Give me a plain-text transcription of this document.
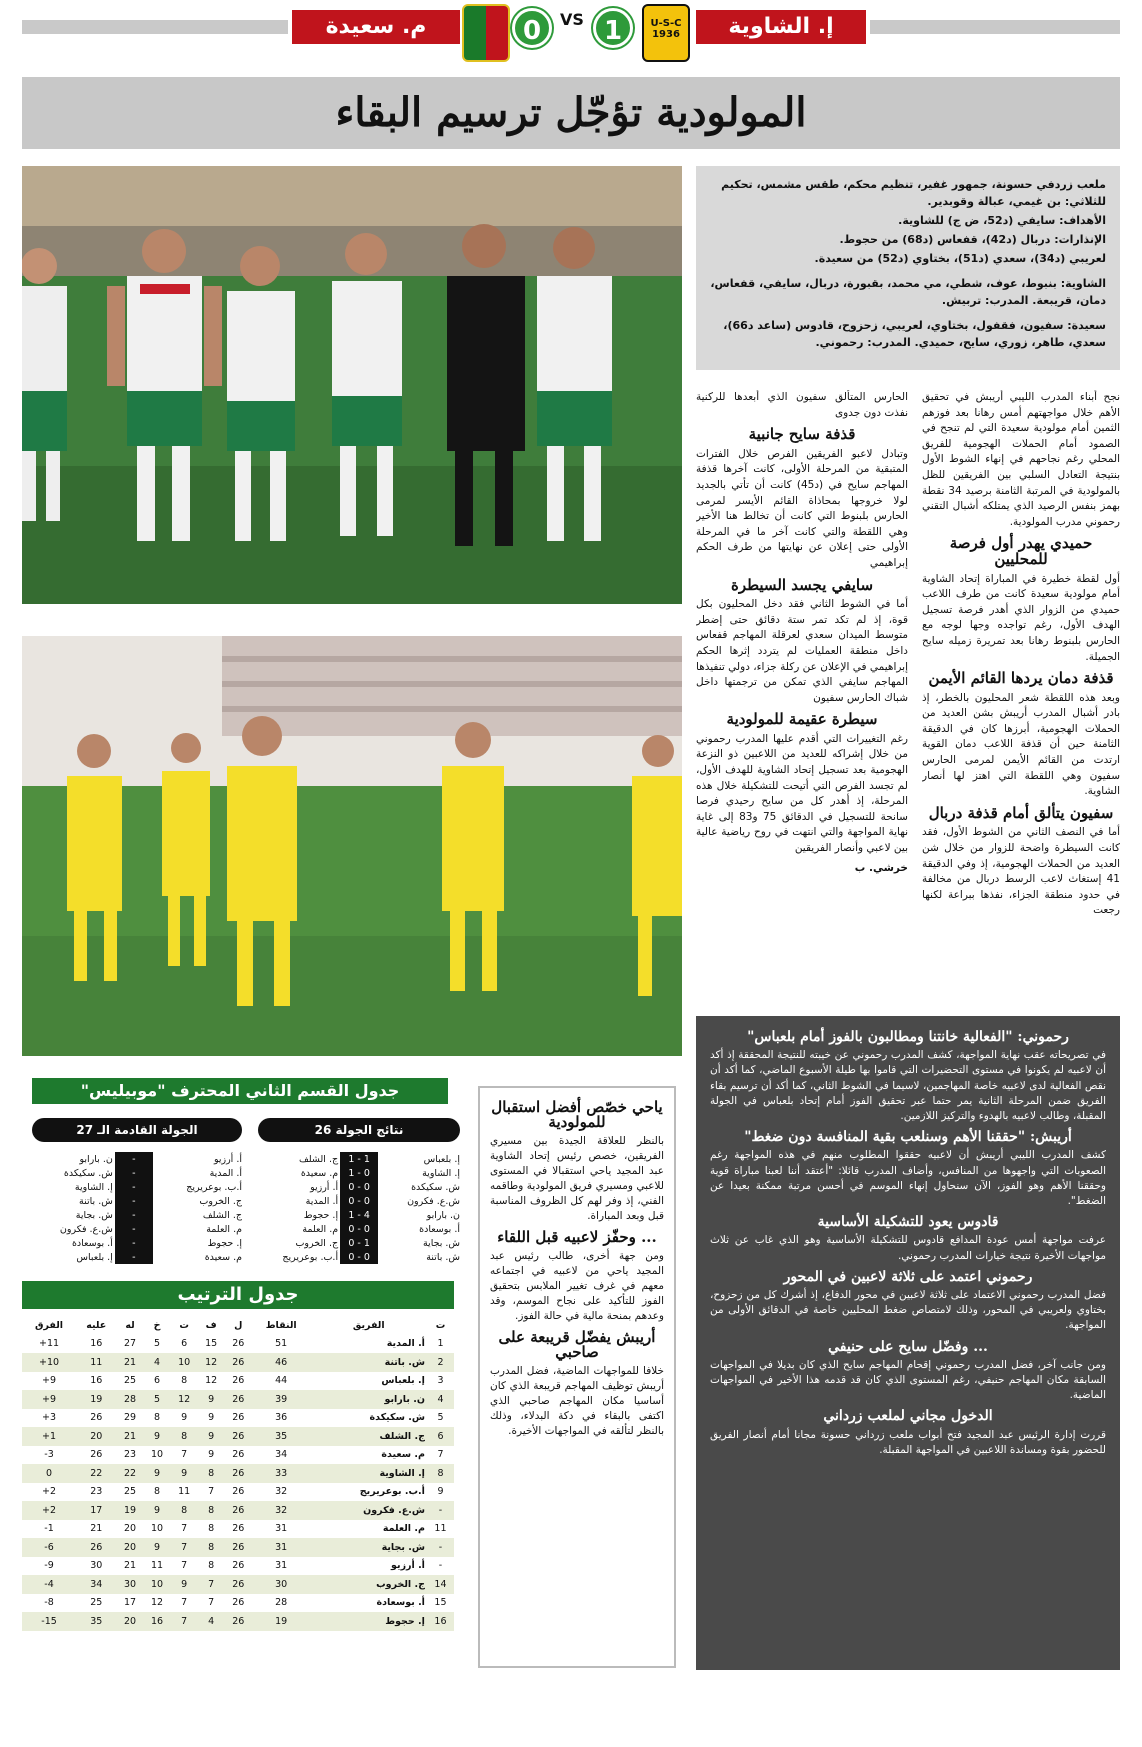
م. سعيدة	0	VS 1	U-S-C
1936	إ. الشاوية
المولودية تؤجّل ترسيم البقاء

ملعب زردفي حسونة، جمهور غفير، تنظيم محكم، طقس مشمس، تحكيم للثلاثي: بن غيمي، عبالة وقوبدير.

الأهداف: سايفي (د52، ض ج) للشاوية.

الإنذارات: دربال (د42)، قفعاس (د68) من حجوط.

لعريبي (د34)، سعدي (د51)، بختاوي (د52) من سعيدة.

الشاوية: بنبوط، عوف، شطي، مي محمد، بقبورة، دربال، سايفي، قفعاس، دمان، قريبعة. المدرب: تربيش.

سعيدة: سفيون، فقفول، بختاوي، لعريبي، زحزوح، قادوس (ساعد د66)، سعدي، طاهر، زوري، سايح، حميدي. المدرب: رحموني.

نجح أبناء المدرب الليبي أريبش في تحقيق الأهم خلال مواجهتهم أمس رهانا بعد فوزهم الثمين أمام مولودية سعيدة التي لم تنجح في الصمود أمام الحملات الهجومية للفريق المحلي رغم نجاحهم في إنهاء الشوط الأول بنتيجة التعادل السلبي بين الفريقين للظل بالمولودية في المرتبة الثامنة برصيد 34 نقطة بهمز بنفس الرصيد الذي يمتلكه أشبال التقني رحموني مدرب المولودية.

حميدي يهدر أول فرصة للمحليين

أول لقطة خطيرة في المباراة إتحاد الشاوية أمام مولودية سعيدة كانت من طرف اللاعب حميدي من الزوار الذي أهدر فرصة تسجيل الهدف الأول، رغم تواجده وجها لوجه مع الحارس بلبنوط رهانا بعد تمريرة زميله سايح الجميلة.

قذفة دمان يردها القائم الأيمن

وبعد هذه اللقطة شعر المحليون بالخطر، إذ بادر أشبال المدرب أريبش بشن العديد من الحملات الهجومية، أبرزها كان في الدقيقة الثامنة حين أن قذفة اللاعب دمان القوية ارتدت من القائم الأيمن لمرمى الحارس سفيون وهي اللقطة التي اهتز لها أنصار الشاوية.

سفيون يتألق أمام قذفة دربال

أما في النصف الثاني من الشوط الأول، فقد كانت السيطرة واضحة للزوار من خلال شن العديد من الحملات الهجومية، إذ وفي الدقيقة 41 إستغاث لاعب الرسط دربال من مخالفة في حدود منطقة الجزاء، نفذها ببراعة لكنها رجعت

الحارس المتألق سفيون الذي أبعدها للركنية نفذت دون جدوى

قذفة سايح جانبية

وتبادل لاعبو الفريقين الفرص خلال الفترات المتبقية من المرحلة الأولى، كانت آخرها قذفة المهاجم سايح في (د45) كانت أن تأتي بالجديد لولا خروجها بمحاذاة القائم الأيسر لمرمى الحارس بلبنوط التي كانت أن تخالط هنا الأخير وهي اللقطة والتي كانت آخر ما في المرحلة الأولى حتى إعلان عن نهايتها من طرف الحكم إبراهيمي

سايفي يجسد السيطرة

أما في الشوط الثاني فقد دخل المحليون بكل قوة، إذ لم تكد تمر ستة دقائق حتى إضطر متوسط الميدان سعدي لعرقلة المهاجم قفعاس داخل منطقة العمليات لم يتردد إثرها الحكم إبراهيمي في الإعلان عن ركلة جزاء، دولي تنفيذها المهاجم سايفي الذي تمكن من ترجمتها داخل شباك الحارس سفيون

سيطرة عقيمة للمولودية

رغم التغييرات التي أقدم عليها المدرب رحموني من خلال إشراكه للعديد من اللاعبين ذو النزعة الهجومية بعد تسجيل إتحاد الشاوية للهدف الأول، لم تجسد الفرص التي أتيحت للتشكيلة خلال هذه المرحلة، إذ أهدر كل من سايح رحيدي فرصا سانحة للتسجيل في الدقائق 75 و83 إلى غاية نهاية المواجهة والتي انتهت في روح رياضية عالية بين لاعبي وأنصار الفريقين

خرشي. ب

رحموني: "الفعالية خانتنا ومطالبون بالفوز أمام بلعباس"

في تصريحاته عقب نهاية المواجهة، كشف المدرب رحموني عن خيبته للنتيجة المحققة إذ أكد أن لاعبيه لم يكونوا في مستوى التحضيرات التي قاموا بها طيلة الأسبوع الماضي، كما أكد أن نقص الفعالية لدى لاعبيه خاصة المهاجمين، لاسيما في الشوط الثاني، كما أكد أن ترسيم بقاء الفريق ضمن المرحلة الثانية يمر حتما عبر تحقيق الفوز أمام إتحاد بلعباس في الجولة المقبلة، وطالب لاعبيه بالهدوء والتركيز اللازمين.

أريبش: "حققنا الأهم وسنلعب بقية المنافسة دون ضغط"

كشف المدرب الليبي أريبش أن لاعبيه حققوا المطلوب منهم في هذه المواجهة رغم الصعوبات التي واجهوها من المنافس، وأضاف المدرب قائلا: "أعتقد أننا لعبنا مباراة قوية وحققنا الأهم وهو الفوز، الآن سنحاول إنهاء الموسم في أحسن مرتبة ممكنة بعيدا عن الضغط".

قادوس يعود للتشكيلة الأساسية

عرفت مواجهة أمس عودة المدافع قادوس للتشكيلة الأساسية وهو الذي غاب عن ثلاث مواجهات الأخيرة نتيجة خيارات المدرب رحموني.

رحموني اعتمد على ثلاثة لاعبين في المحور

فضل المدرب رحموني الاعتماد على ثلاثة لاعبين في محور الدفاع، إذ أشرك كل من زحزوح، بختاوي ولعريبي في المحور، وذلك لامتصاص ضغط المحليين خاصة في الدقائق الأولى من المواجهة.

... وفضّل سايح على حنيفي

ومن جانب آخر، فضل المدرب رحموني إقحام المهاجم سايح الذي كان بديلا في المواجهات السابقة مكان المهاجم حنيفي، رغم المستوى الذي كان قد قدمه هذا الأخير في المواجهات الماضية.

الدخول مجاني لملعب زرداني

قررت إدارة الرئيس عبد المجيد فتح أبواب ملعب زرداني حسونة مجانا أمام أنصار الفريق للحضور بقوة ومساندة اللاعبين في المواجهة المقبلة.

جدول القسم الثاني المحترف "موبيليس"
نتائج الجولة 26
الجولة القادمة الـ 27
إ. بلعباس	1 - 1	ج. الشلف
إ. الشاوية	0 - 1	م. سعيدة
ش. سكيكدة	0 - 0	أ. أرزيو
ش.ع. فكرون	0 - 0	أ. المدية
ن. بارابو	4 - 1	إ. حجوط
أ. بوسعادة	0 - 0	م. العلمة
ش. بجاية	1 - 0	ج. الخروب
ش. باتنة	0 - 0	أ.ب. بوعريريج
أ. أرزيو	-	ن. بارابو
أ. المدية	-	ش. سكيكدة
أ.ب. بوعريريج	-	إ. الشاوية
ج. الخروب	-	ش. باتنة
ج. الشلف	-	ش. بجاية
م. العلمة	-	ش.ع. فكرون
إ. حجوط	-	أ. بوسعادة
م. سعيدة	-	إ. بلعباس
جدول الترتيب
ت	الفريق	النقاط	ل	ف	ت	خ	له	عليه	الفرق
1	أ. المدية	51	26	15	6	5	27	16	11+
2	ش. باتنة	46	26	12	10	4	21	11	10+
3	إ. بلعباس	44	26	12	8	6	25	16	9+
4	ن. بارابو	39	26	9	12	5	28	19	9+
5	ش. سكيكدة	36	26	9	9	8	29	26	3+
6	ج. الشلف	35	26	9	8	9	21	20	1+
7	م. سعيدة	34	26	9	7	10	23	26	3-
8	إ. الشاوية	33	26	8	9	9	22	22	0
9	أ.ب. بوعريريج	32	26	7	11	8	25	23	2+
-	ش.ع. فكرون	32	26	8	8	9	19	17	2+
11	م. العلمة	31	26	8	7	10	20	21	1-
-	ش. بجاية	31	26	8	7	9	20	26	6-
-	أ. أرزيو	31	26	8	7	11	21	30	9-
14	ج. الخروب	30	26	7	9	10	30	34	4-
15	أ. بوسعادة	28	26	7	7	12	17	25	8-
16	إ. حجوط	19	26	4	7	16	20	35	15-
ياحي خصّص أفضل استقبال للمولودية

بالنظر للعلاقة الجيدة بين مسيري الفريقين، خصص رئيس إتحاد الشاوية عبد المجيد ياحي استقبالا في المستوى للاعبي ومسيري فريق المولودية وطاقمه الفني، إذ وفر لهم كل الظروف المناسبة قبل وبعد المباراة.

... وحفّز لاعبيه قبل اللقاء

ومن جهة أخرى، طالب رئيس عبد المجيد ياحي من لاعبيه في اجتماعه معهم في غرف تغيير الملابس بتحقيق الفوز للتأكيد على نجاح الموسم، وقد وعدهم بمنحة مالية في حالة الفوز.

أريبش يفضّل قريبعة على صاحبي

خلافا للمواجهات الماضية، فضل المدرب أريبش توظيف المهاجم قريبعة الذي كان أساسيا مكان المهاجم صاحبي الذي اكتفى بالبقاء في دكة البدلاء، وذلك بالنظر لتألقه في المواجهات الأخيرة.
